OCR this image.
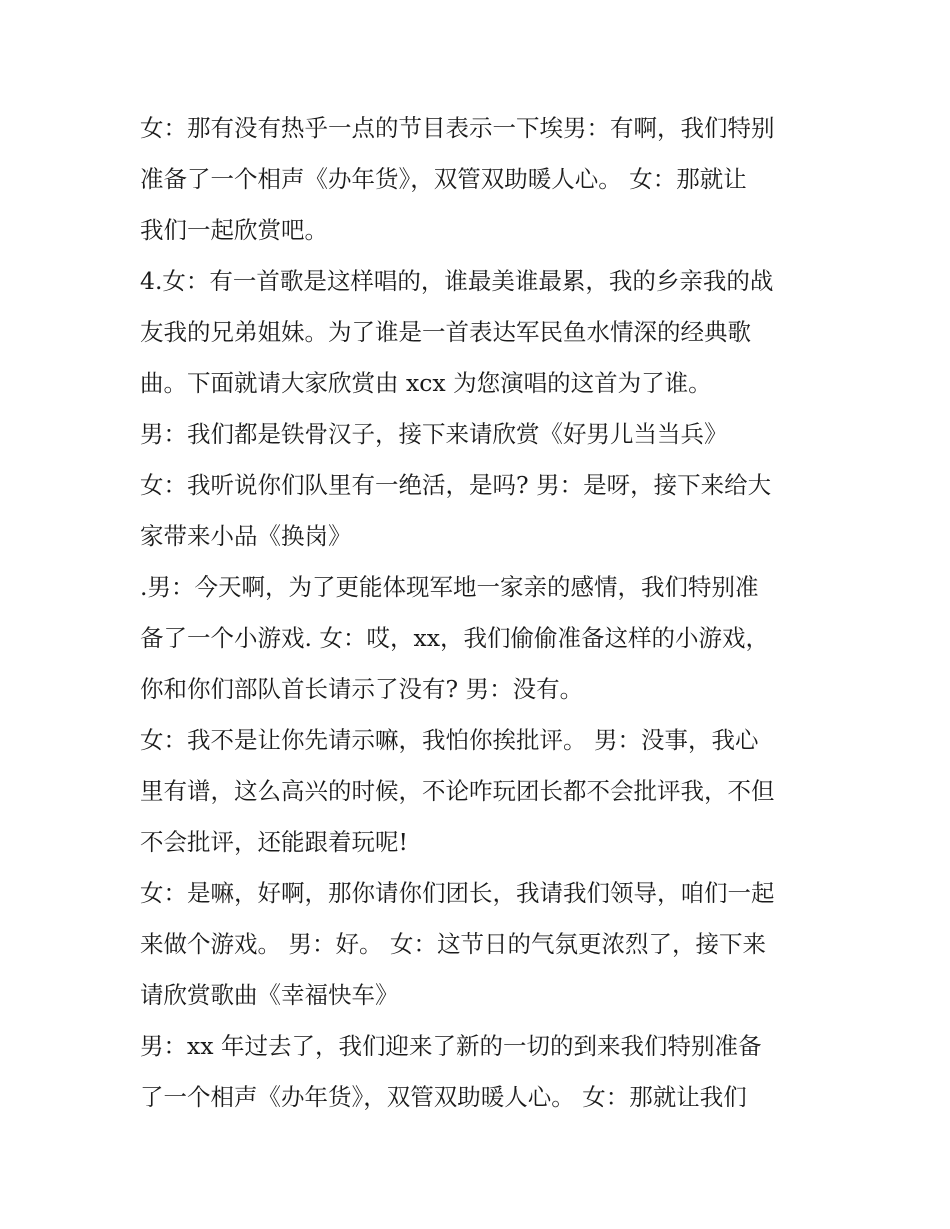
女：那有没有热乎一点的节目表示一下埃男：有啊，我们特别
准备了一个相声《办年货》，双管双助暖人心。 女：那就让
我们一起欣赏吧。

4.女：有一首歌是这样唱的，谁最美谁最累，我的乡亲我的战
友我的兄弟姐妹。为了谁是一首表达军民鱼水情深的经典歌
曲。下面就请大家欣赏由 xcx 为您演唱的这首为了谁。

男：我们都是铁骨汉子，接下来请欣赏《好男儿当当兵》

女：我听说你们队里有一绝活，是吗? 男：是呀，接下来给大
家带来小品《换岗》

.男：今天啊，为了更能体现军地一家亲的感情，我们特别准
备了一个小游戏. 女：哎，xx，我们偷偷准备这样的小游戏，
你和你们部队首长请示了没有? 男：没有。

女：我不是让你先请示嘛，我怕你挨批评。 男：没事，我心
里有谱，这么高兴的时候，不论咋玩团长都不会批评我，不但
不会批评，还能跟着玩呢!

女：是嘛，好啊，那你请你们团长，我请我们领导，咱们一起
来做个游戏。 男：好。 女：这节日的气氛更浓烈了，接下来
请欣赏歌曲《幸福快车》

男：xx 年过去了，我们迎来了新的一切的到来我们特别准备
了一个相声《办年货》，双管双助暖人心。 女：那就让我们
